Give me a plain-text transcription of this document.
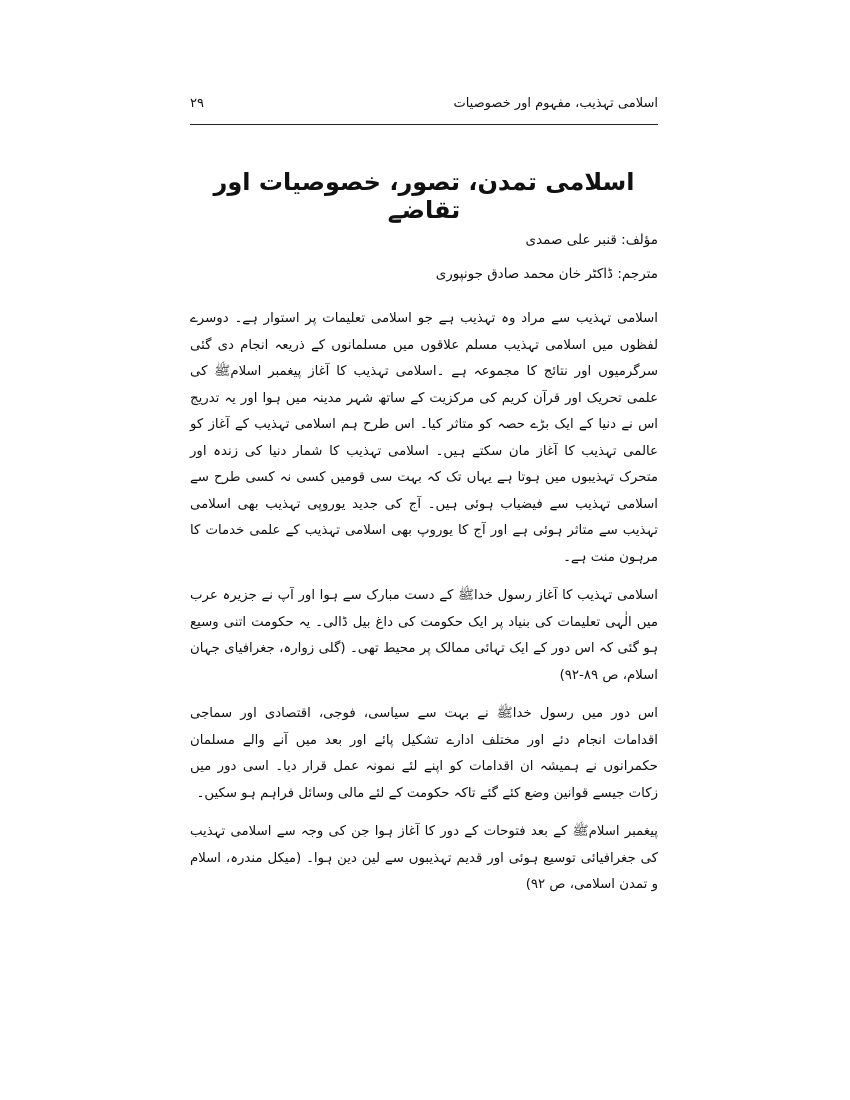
اسلامی تہذیب، مفہوم اور خصوصیات
۲۹
اسلامی تمدن، تصور، خصوصیات اور تقاضے
مؤلف: قنبر علی صمدی
مترجم: ڈاکٹر خان محمد صادق جونپوری

اسلامی تہذیب سے مراد وہ تہذیب ہے جو اسلامی تعلیمات پر استوار ہے۔ دوسرے لفظوں میں اسلامی تہذیب مسلم علاقوں میں مسلمانوں کے ذریعہ انجام دی گئی سرگرمیوں اور نتائج کا مجموعہ ہے ۔اسلامی تہذیب کا آغاز پیغمبر اسلامﷺ کی علمی تحریک اور قرآن کریم کی مرکزیت کے ساتھ شہر مدینہ میں ہوا اور یہ تدریج اس نے دنیا کے ایک بڑے حصہ کو متاثر کیا۔ اس طرح ہم اسلامی تہذیب کے آغاز کو عالمی تہذیب کا آغاز مان سکتے ہیں۔ اسلامی تہذیب کا شمار دنیا کی زندہ اور متحرک تہذیبوں میں ہوتا ہے یہاں تک کہ بہت سی قومیں کسی نہ کسی طرح سے اسلامی تہذیب سے فیضیاب ہوئی ہیں۔ آج کی جدید یوروپی تہذیب بھی اسلامی تہذیب سے متاثر ہوئی ہے اور آج کا یوروپ بھی اسلامی تہذیب کے علمی خدمات کا مرہون منت ہے۔

اسلامی تہذیب کا آغاز رسول خداﷺ کے دست مبارک سے ہوا اور آپ نے جزیرہ عرب میں الٰہی تعلیمات کی بنیاد پر ایک حکومت کی داغ بیل ڈالی۔ یہ حکومت اتنی وسیع ہو گئی کہ اس دور کے ایک تہائی ممالک پر محیط تھی۔ (گلی زوارہ، جغرافیای جہان اسلام، ص ۸۹-۹۲)

اس دور میں رسول خداﷺ نے بہت سے سیاسی، فوجی، اقتصادی اور سماجی اقدامات انجام دئے اور مختلف ادارے تشکیل پائے اور بعد میں آنے والے مسلمان حکمرانوں نے ہمیشہ ان اقدامات کو اپنے لئے نمونہ عمل قرار دیا۔ اسی دور میں زکات جیسے قوانین وضع کئے گئے تاکہ حکومت کے لئے مالی وسائل فراہم ہو سکیں۔

پیغمبر اسلامﷺ کے بعد فتوحات کے دور کا آغاز ہوا جن کی وجہ سے اسلامی تہذیب کی جغرافیائی توسیع ہوئی اور قدیم تہذیبوں سے لین دین ہوا۔ (میکل مندرہ، اسلام و تمدن اسلامی، ص ۹۲)
